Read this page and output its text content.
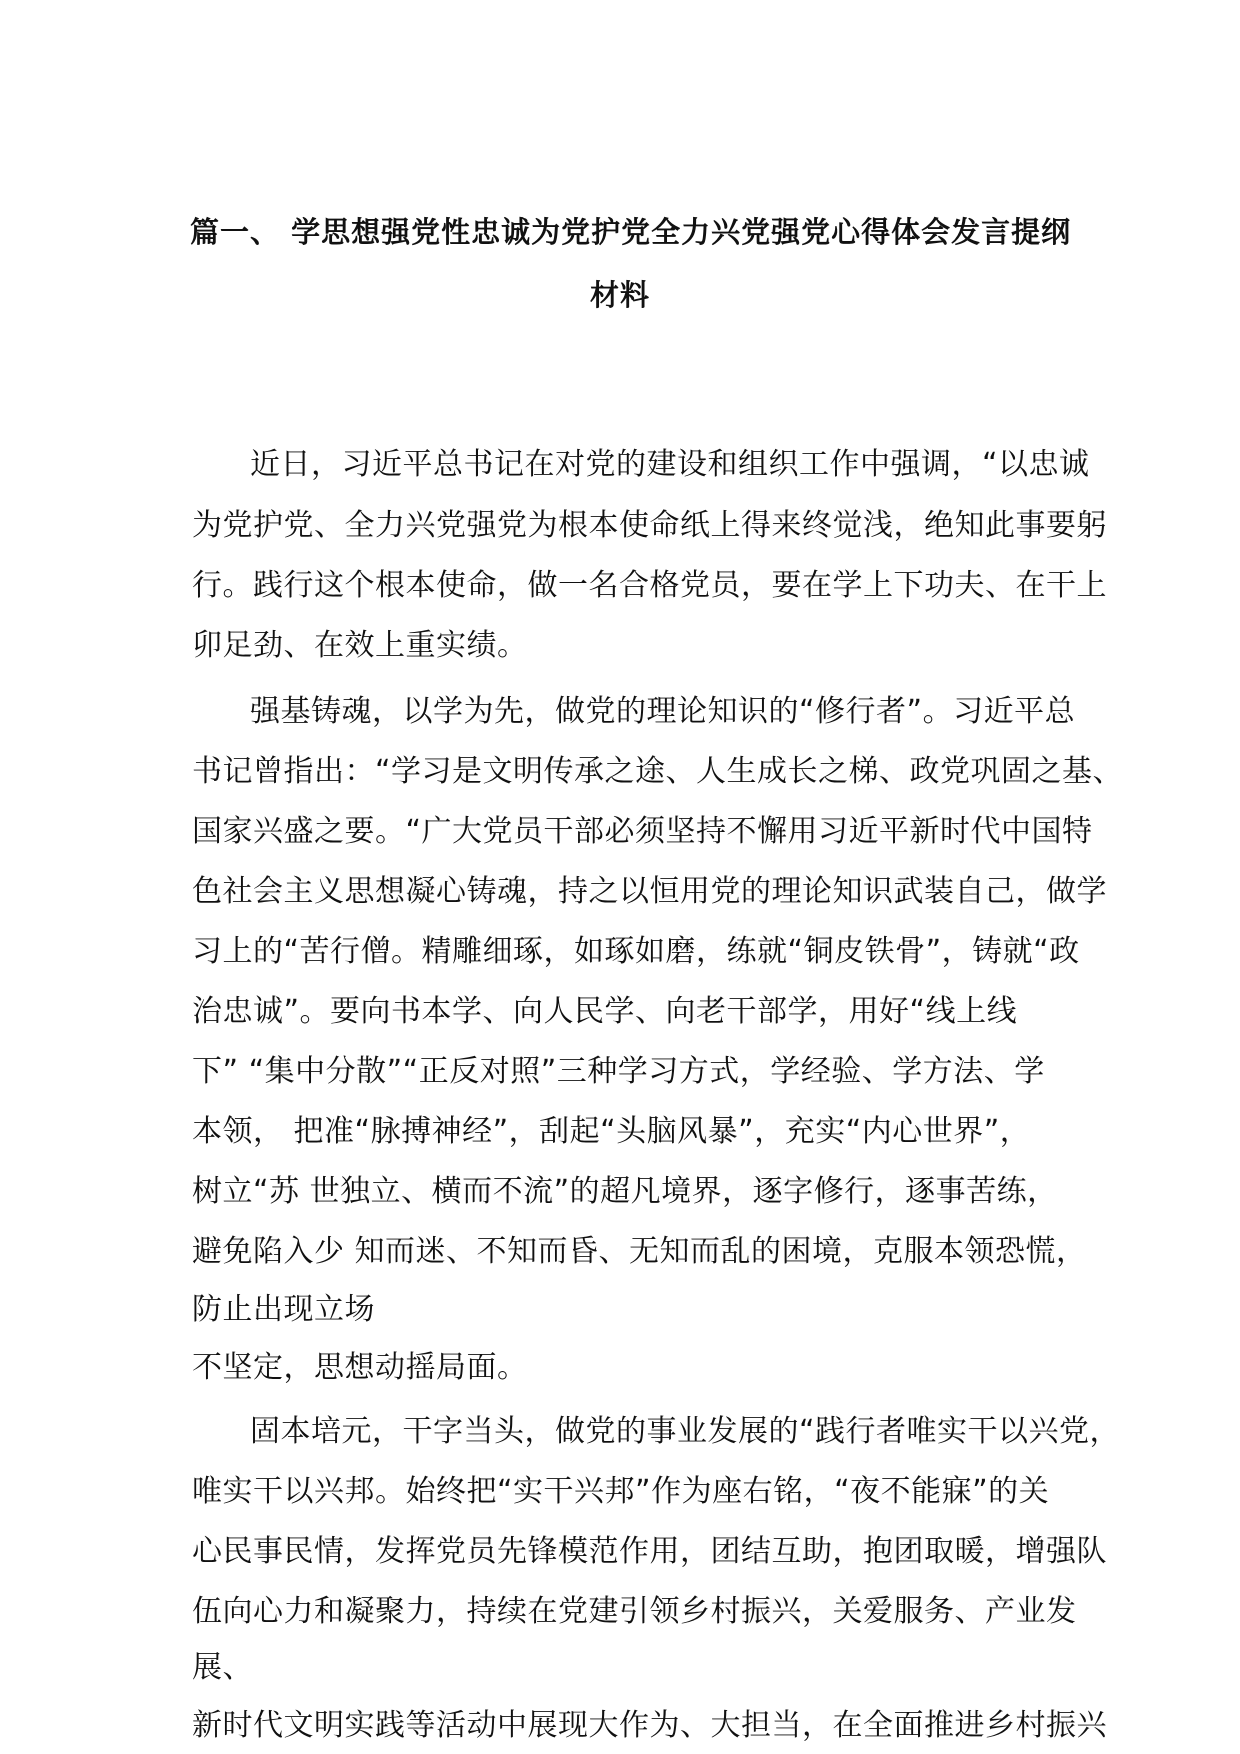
篇一、 学思想强党性忠诚为党护党全力兴党强党心得体会发言提纲
材料
近日，习近平总书记在对党的建设和组织工作中强调，“以忠诚
为党护党、全力兴党强党为根本使命纸上得来终觉浅，绝知此事要躬
行。践行这个根本使命，做一名合格党员，要在学上下功夫、在干上
卯足劲、在效上重实绩。
强基铸魂，以学为先，做党的理论知识的“修行者”。习近平总
书记曾指出：“学习是文明传承之途、人生成长之梯、政党巩固之基、
国家兴盛之要。“广大党员干部必须坚持不懈用习近平新时代中国特
色社会主义思想凝心铸魂，持之以恒用党的理论知识武装自己，做学
习上的“苦行僧。精雕细琢，如琢如磨，练就“铜皮铁骨”，铸就“政
治忠诚”。要向书本学、向人民学、向老干部学，用好“线上线
下” “集中分散”“正反对照”三种学习方式，学经验、学方法、学
本领， 把准“脉搏神经”，刮起“头脑风暴”，充实“内心世界”，
树立“苏 世独立、横而不流”的超凡境界，逐字修行，逐事苦练，
避免陷入少 知而迷、不知而昏、无知而乱的困境，克服本领恐慌，
防止出现立场
不坚定，思想动摇局面。
固本培元，干字当头，做党的事业发展的“践行者唯实干以兴党，
唯实干以兴邦。始终把“实干兴邦”作为座右铭，“夜不能寐”的关
心民事民情，发挥党员先锋模范作用，团结互助，抱团取暖，增强队
伍向心力和凝聚力，持续在党建引领乡村振兴，关爱服务、产业发
展、
新时代文明实践等活动中展现大作为、大担当，在全面推进乡村振兴
